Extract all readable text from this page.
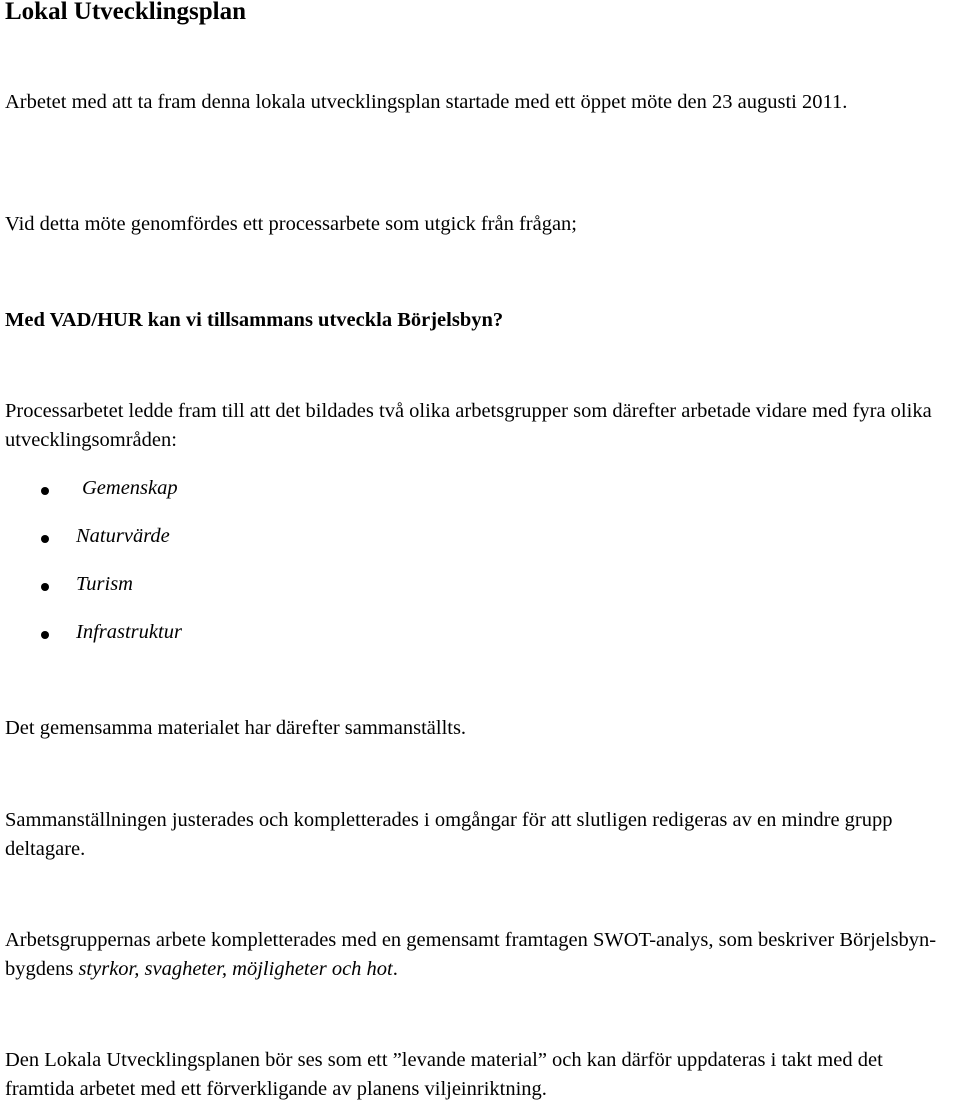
Lokal Utvecklingsplan

Arbetet med att ta fram denna lokala utvecklingsplan startade med ett öppet möte den 23 augusti 2011.

Vid detta möte genomfördes ett processarbete som utgick från frågan;

Med VAD/HUR kan vi tillsammans utveckla Börjelsbyn?

Processarbetet ledde fram till att det bildades två olika arbetsgrupper som därefter arbetade vidare med fyra olika utvecklingsområden:

Gemenskap
Naturvärde
Turism
Infrastruktur

Det gemensamma materialet har därefter sammanställts.

Sammanställningen justerades och kompletterades i omgångar för att slutligen redigeras av en mindre grupp deltagare.

Arbetsgruppernas arbete kompletterades med en gemensamt framtagen SWOT-analys, som beskriver Börjelsbyn-bygdens styrkor, svagheter, möjligheter och hot.

Den Lokala Utvecklingsplanen bör ses som ett ”levande material” och kan därför uppdateras i takt med det framtida arbetet med ett förverkligande av planens viljeinriktning.
